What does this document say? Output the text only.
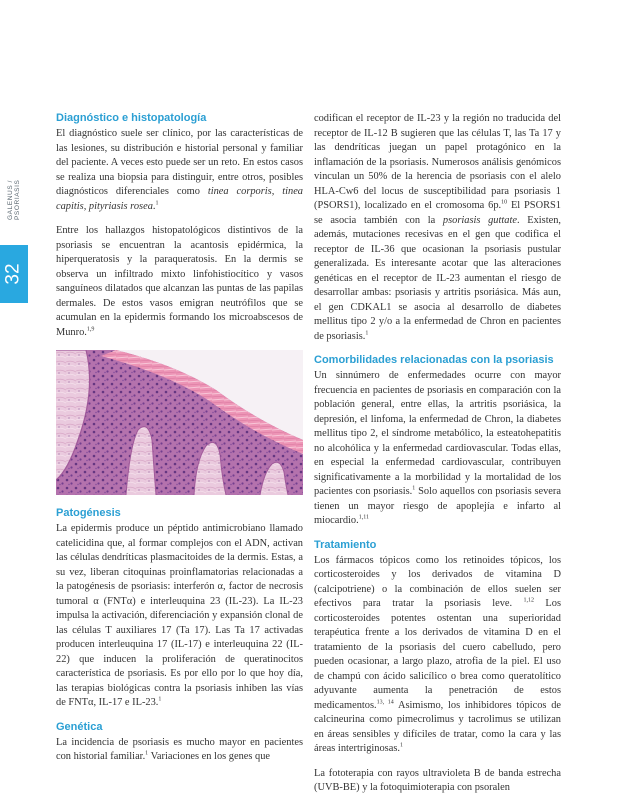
GALENUS / PSORIASIS
32
Diagnóstico e histopatología

El diagnóstico suele ser clínico, por las características de las lesiones, su distribución e historial personal y familiar del paciente. A veces esto puede ser un reto. En estos casos se realiza una biopsia para distinguir, entre otros, posibles diagnósticos diferenciales como tinea corporis, tinea capitis, pityriasis rosea.$^1$

Entre los hallazgos histopatológicos distintivos de la psoriasis se encuentran la acantosis epidérmica, la hiperqueratosis y la paraqueratosis. En la dermis se observa un infiltrado mixto linfohistiocítico y vasos sanguíneos dilatados que alcanzan las puntas de las papilas dermales. De estos vasos emigran neutrófilos que se acumulan en la epidermis formando los microabscesos de Munro.$^{1,9}$

Patogénesis

La epidermis produce un péptido antimicrobiano llamado catelicidina que, al formar complejos con el ADN, activan las células dendríticas plasmacitoides de la dermis. Estas, a su vez, liberan citoquinas proinflamatorias relacionadas a la patogénesis de psoriasis: interferón α, factor de necrosis tumoral α (FNTα) e interleuquina 23 (IL-23). La IL-23 impulsa la activación, diferenciación y expansión clonal de las células T auxiliares 17 (Ta 17). Las Ta 17 activadas producen interleuquina 17 (IL-17) e interleuquina 22 (IL-22) que inducen la proliferación de queratinocitos característica de psoriasis. Es por ello por lo que hoy día, las terapias biológicas contra la psoriasis inhiben las vías de FNTα, IL-17 e IL-23.$^1$

Genética

La incidencia de psoriasis es mucho mayor en pacientes con historial familiar.$^1$ Variaciones en los genes que

codifican el receptor de IL-23 y la región no traducida del receptor de IL-12 B sugieren que las células T, las Ta 17 y las dendríticas juegan un papel protagónico en la inflamación de la psoriasis. Numerosos análisis genómicos vinculan un 50% de la herencia de psoriasis con el alelo HLA-Cw6 del locus de susceptibilidad para psoriasis 1 (PSORS1), localizado en el cromosoma 6p.$^{10}$ El PSORS1 se asocia también con la psoriasis guttate. Existen, además, mutaciones recesivas en el gen que codifica el receptor de IL-36 que ocasionan la psoriasis pustular generalizada. Es interesante acotar que las alteraciones genéticas en el receptor de IL-23 aumentan el riesgo de desarrollar ambas: psoriasis y artritis psoriásica. Más aun, el gen CDKAL1 se asocia al desarrollo de diabetes mellitus tipo 2 y/o a la enfermedad de Chron en pacientes de psoriasis.$^1$

Comorbilidades relacionadas con la psoriasis

Un sinnúmero de enfermedades ocurre con mayor frecuencia en pacientes de psoriasis en comparación con la población general, entre ellas, la artritis psoriásica, la depresión, el linfoma, la enfermedad de Chron, la diabetes mellitus tipo 2, el síndrome metabólico, la esteatohepatitis no alcohólica y la enfermedad cardiovascular. Todas ellas, en especial la enfermedad cardiovascular, contribuyen significativamente a la morbilidad y la mortalidad de los pacientes con psoriasis.$^1$ Solo aquellos con psoriasis severa tienen un mayor riesgo de apoplejía e infarto al miocardio.$^{1,11}$

Tratamiento

Los fármacos tópicos como los retinoides tópicos, los corticosteroides y los derivados de vitamina D (calcipotriene) o la combinación de ellos suelen ser efectivos para tratar la psoriasis leve. $^{1,12}$ Los corticosteroides potentes ostentan una superioridad terapéutica frente a los derivados de vitamina D en el tratamiento de la psoriasis del cuero cabelludo, pero pueden ocasionar, a largo plazo, atrofia de la piel. El uso de champú con ácido salicílico o brea como queratolítico adyuvante aumenta la penetración de estos medicamentos.$^{13, 14}$ Asimismo, los inhibidores tópicos de calcineurina como pimecrolimus y tacrolimus se utilizan en áreas sensibles y difíciles de tratar, como la cara y las áreas intertriginosas.$^1$

La fototerapia con rayos ultravioleta B de banda estrecha (UVB-BE) y la fotoquimioterapia con psoralen
